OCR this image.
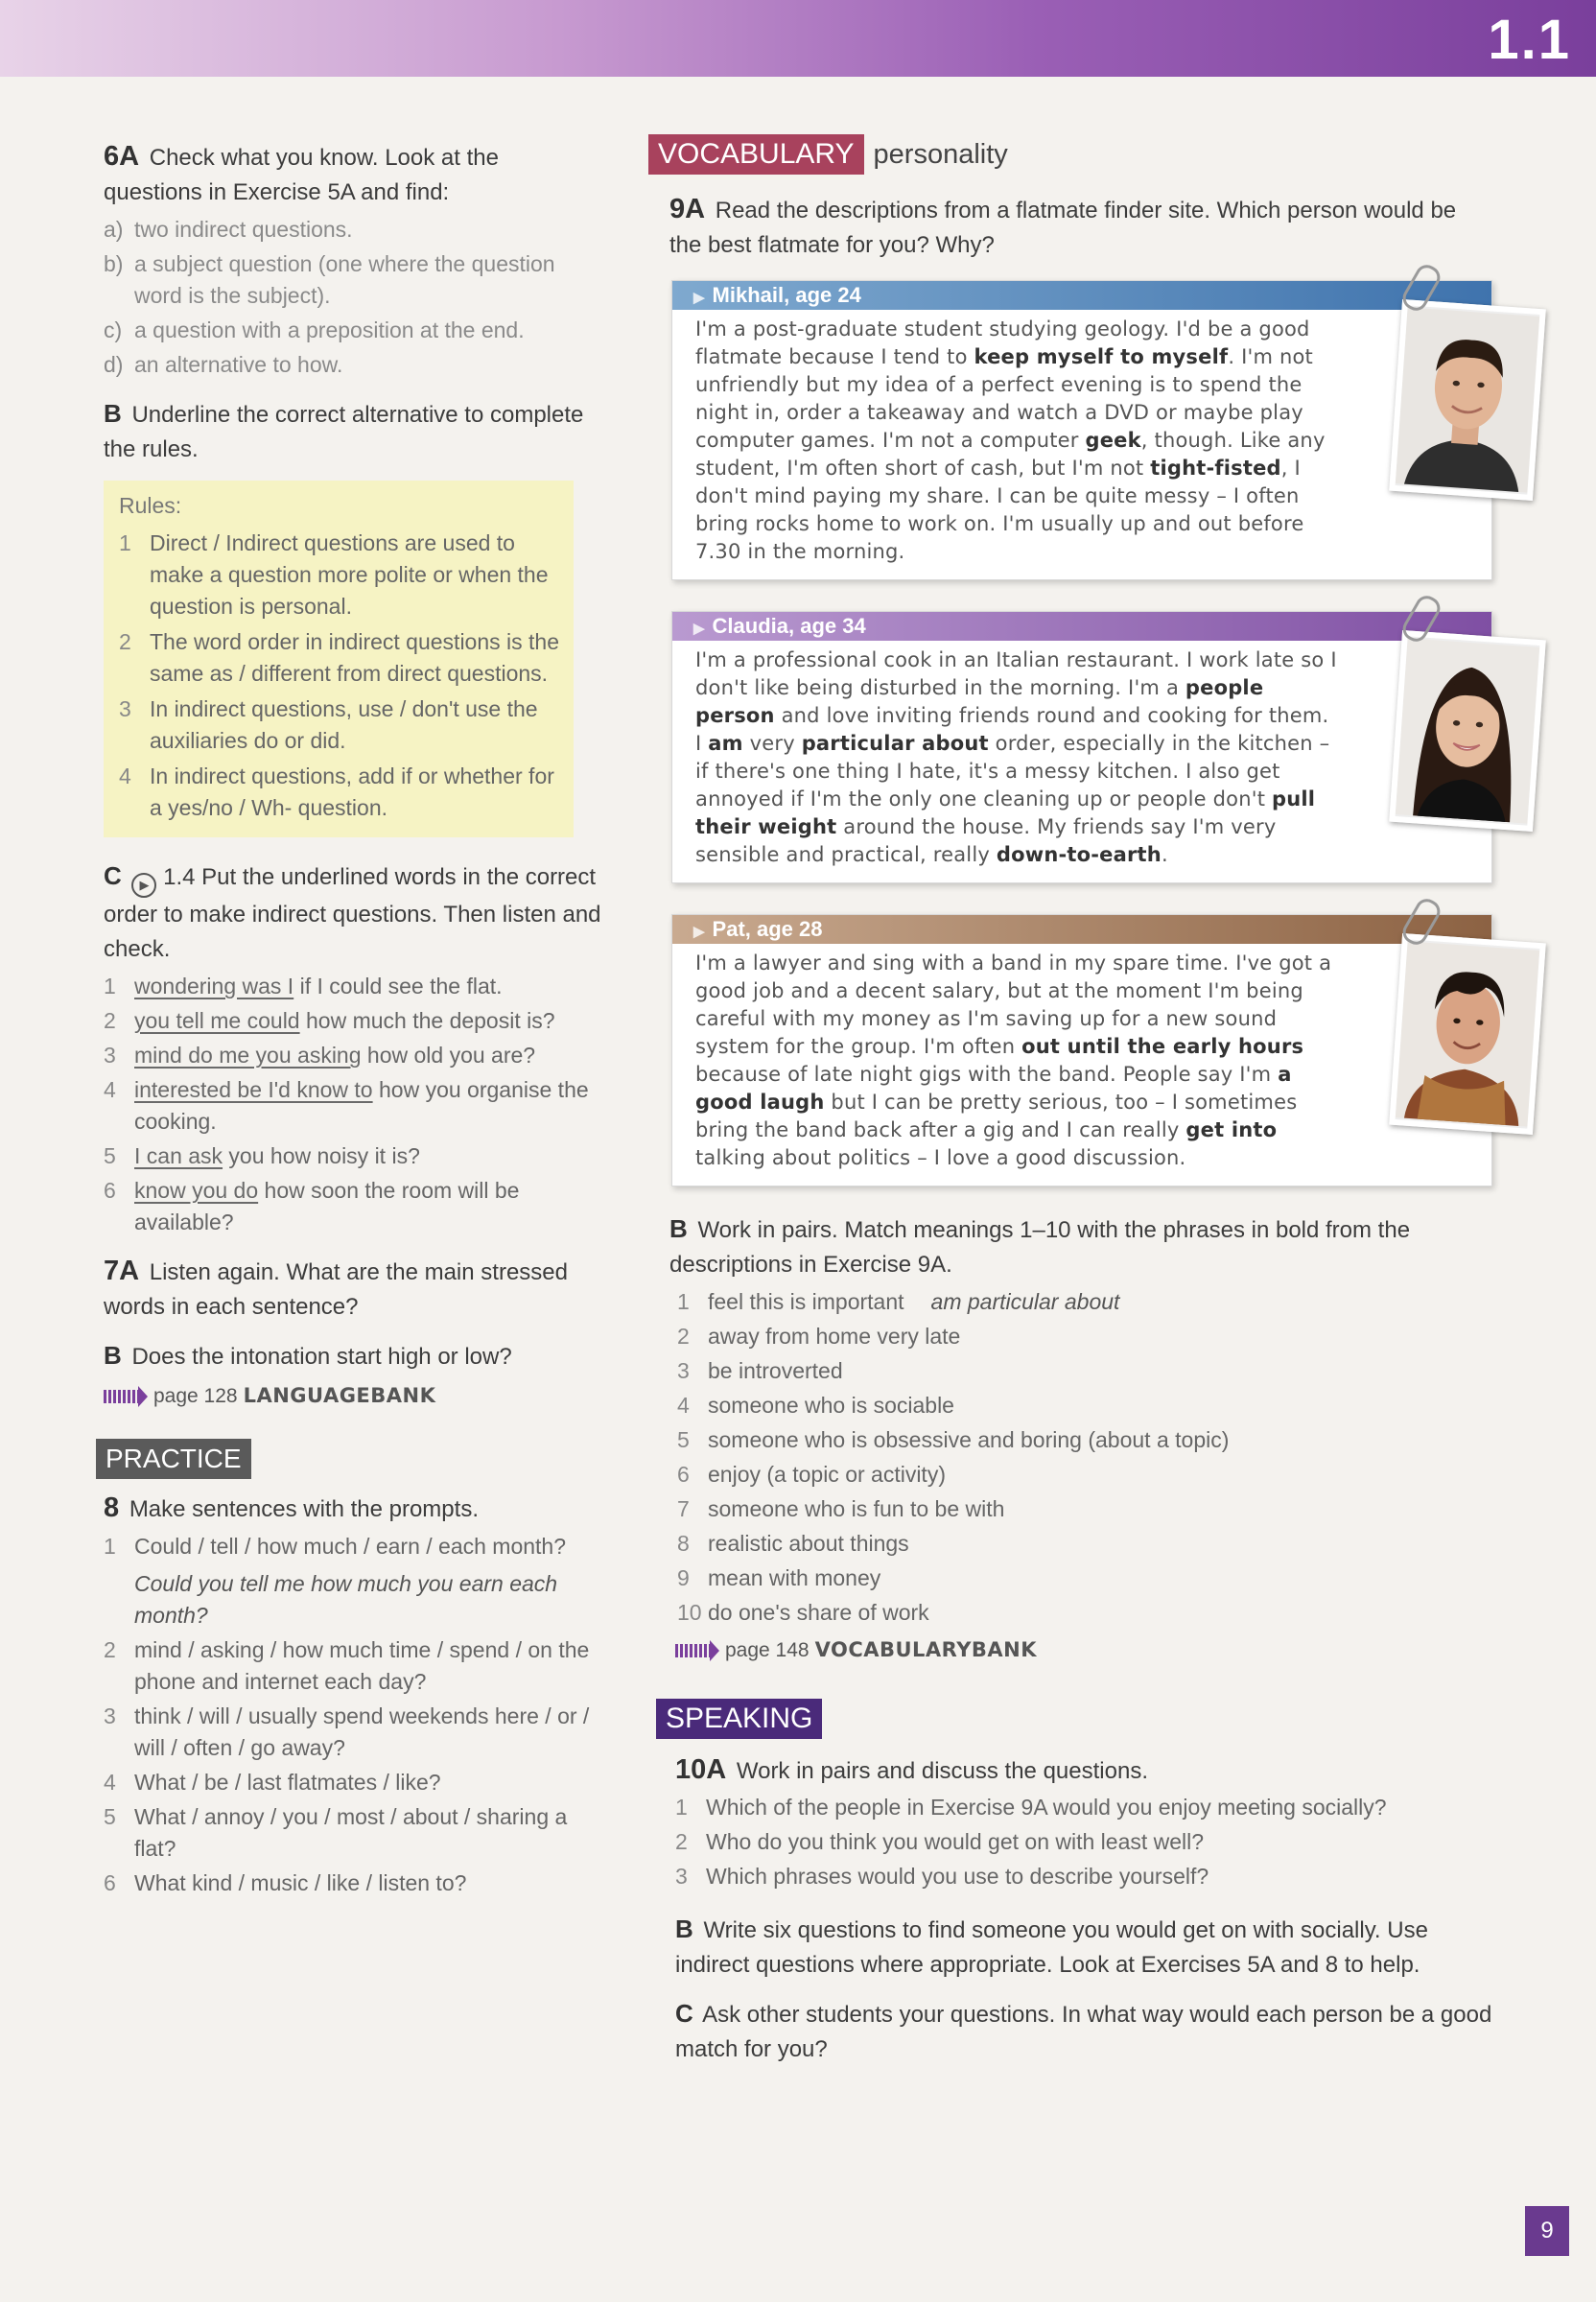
1.1
6A Check what you know. Look at the questions in Exercise 5A and find:
a) two indirect questions.
b) a subject question (one where the question word is the subject).
c) a question with a preposition at the end.
d) an alternative to how.
B Underline the correct alternative to complete the rules.
Rules:
1 Direct / Indirect questions are used to make a question more polite or when the question is personal.
2 The word order in indirect questions is the same as / different from direct questions.
3 In indirect questions, use / don't use the auxiliaries do or did.
4 In indirect questions, add if or whether for a yes/no / Wh- question.
C ▶ 1.4 Put the underlined words in the correct order to make indirect questions. Then listen and check.
1 wondering was I if I could see the flat.
2 you tell me could how much the deposit is?
3 mind do me you asking how old you are?
4 interested be I'd know to how you organise the cooking.
5 I can ask you how noisy it is?
6 know you do how soon the room will be available?
7A Listen again. What are the main stressed words in each sentence?
B Does the intonation start high or low?
page 128 LANGUAGE BANK
PRACTICE
8 Make sentences with the prompts.
1 Could / tell / how much / earn / each month?

Could you tell me how much you earn each month?
2 mind / asking / how much time / spend / on the phone and internet each day?
3 think / will / usually spend weekends here / or / will / often / go away?
4 What / be / last flatmates / like?
5 What / annoy / you / most / about / sharing a flat?
6 What kind / music / like / listen to?
VOCABULARY personality
9A Read the descriptions from a flatmate finder site. Which person would be the best flatmate for you? Why?
▶ Mikhail, age 24
I'm a post-graduate student studying geology. I'd be a good flatmate because I tend to keep myself to myself. I'm not unfriendly but my idea of a perfect evening is to spend the night in, order a takeaway and watch a DVD or maybe play computer games. I'm not a computer geek, though. Like any student, I'm often short of cash, but I'm not tight-fisted, I don't mind paying my share. I can be quite messy – I often bring rocks home to work on. I'm usually up and out before 7.30 in the morning.
▶ Claudia, age 34
I'm a professional cook in an Italian restaurant. I work late so I don't like being disturbed in the morning. I'm a people person and love inviting friends round and cooking for them. I am very particular about order, especially in the kitchen – if there's one thing I hate, it's a messy kitchen. I also get annoyed if I'm the only one cleaning up or people don't pull their weight around the house. My friends say I'm very sensible and practical, really down-to-earth.
▶ Pat, age 28
I'm a lawyer and sing with a band in my spare time. I've got a good job and a decent salary, but at the moment I'm being careful with my money as I'm saving up for a new sound system for the group. I'm often out until the early hours because of late night gigs with the band. People say I'm a good laugh but I can be pretty serious, too – I sometimes bring the band back after a gig and I can really get into talking about politics – I love a good discussion.
B Work in pairs. Match meanings 1–10 with the phrases in bold from the descriptions in Exercise 9A.
1 feel this is important am particular about
2 away from home very late
3 be introverted
4 someone who is sociable
5 someone who is obsessive and boring (about a topic)
6 enjoy (a topic or activity)
7 someone who is fun to be with
8 realistic about things
9 mean with money
10 do one's share of work
page 148 VOCABULARY BANK
SPEAKING
10A Work in pairs and discuss the questions.
1 Which of the people in Exercise 9A would you enjoy meeting socially?
2 Who do you think you would get on with least well?
3 Which phrases would you use to describe yourself?
B Write six questions to find someone you would get on with socially. Use indirect questions where appropriate. Look at Exercises 5A and 8 to help.
C Ask other students your questions. In what way would each person be a good match for you?
9
